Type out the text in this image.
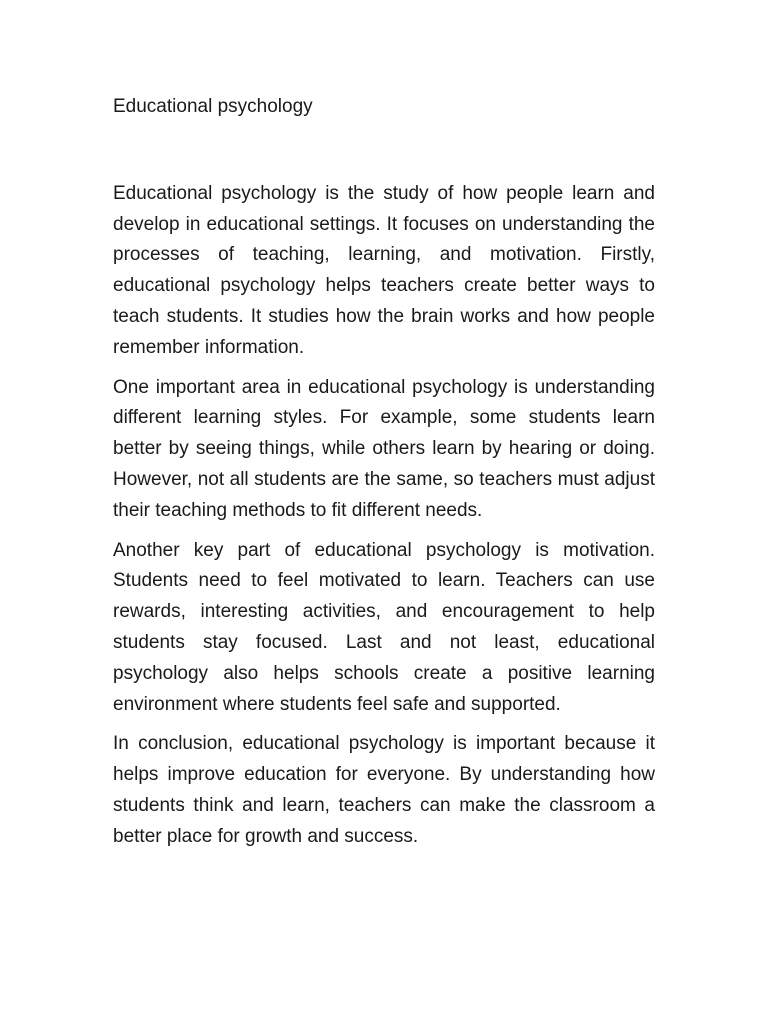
Educational psychology

Educational psychology is the study of how people learn and develop in educational settings. It focuses on understanding the processes of teaching, learning, and motivation. Firstly, educational psychology helps teachers create better ways to teach students. It studies how the brain works and how people remember information.

One important area in educational psychology is understanding different learning styles. For example, some students learn better by seeing things, while others learn by hearing or doing. However, not all students are the same, so teachers must adjust their teaching methods to fit different needs.

Another key part of educational psychology is motivation. Students need to feel motivated to learn. Teachers can use rewards, interesting activities, and encouragement to help students stay focused. Last and not least, educational psychology also helps schools create a positive learning environment where students feel safe and supported.

In conclusion, educational psychology is important because it helps improve education for everyone. By understanding how students think and learn, teachers can make the classroom a better place for growth and success.
